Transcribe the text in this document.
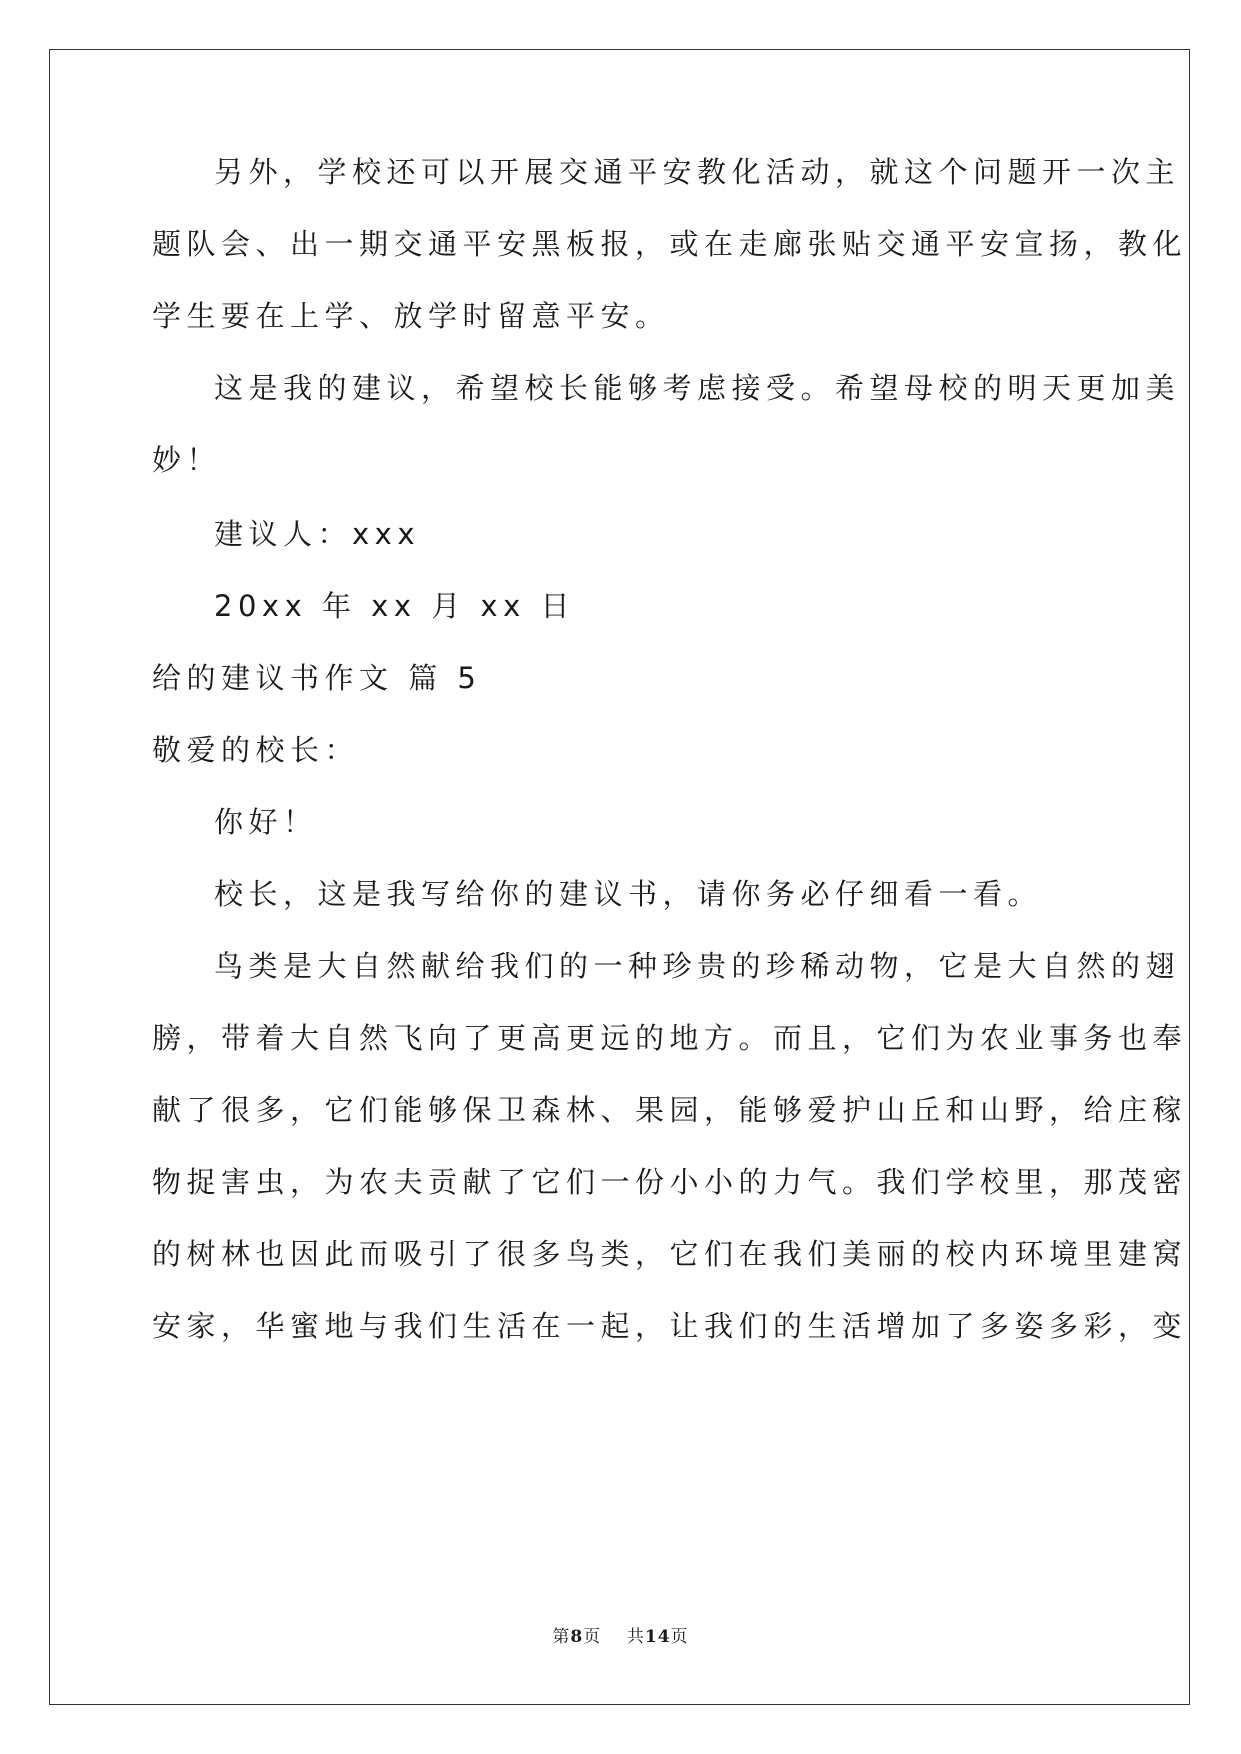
另外，学校还可以开展交通平安教化活动，就这个问题开一次主
题队会、出一期交通平安黑板报，或在走廊张贴交通平安宣扬，教化
学生要在上学、放学时留意平安。
这是我的建议，希望校长能够考虑接受。希望母校的明天更加美
妙！
建议人：xxx
20xx 年 xx 月 xx 日
给的建议书作文 篇 5
敬爱的校长：
你好！
校长，这是我写给你的建议书，请你务必仔细看一看。
鸟类是大自然献给我们的一种珍贵的珍稀动物，它是大自然的翅
膀，带着大自然飞向了更高更远的地方。而且，它们为农业事务也奉
献了很多，它们能够保卫森林、果园，能够爱护山丘和山野，给庄稼
物捉害虫，为农夫贡献了它们一份小小的力气。我们学校里，那茂密
的树林也因此而吸引了很多鸟类，它们在我们美丽的校内环境里建窝
安家，华蜜地与我们生活在一起，让我们的生活增加了多姿多彩，变
第8页 共14页
